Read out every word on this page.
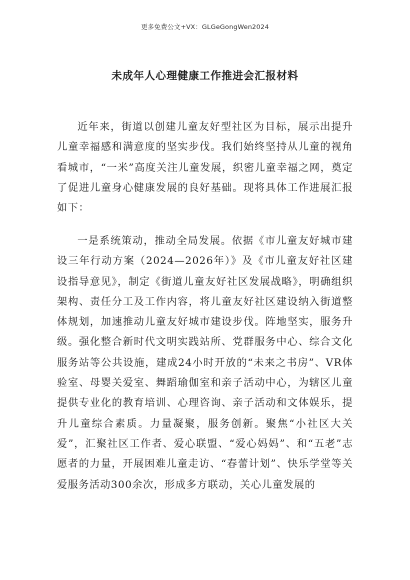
更多免费公文+VX：GLGeGongWen2024
未成年人心理健康工作推进会汇报材料

近年来，街道以创建儿童友好型社区为目标，展示出提升儿童幸福感和满意度的坚实步伐。我们始终坚持从儿童的视角看城市，“一米”高度关注儿童发展，织密儿童幸福之网，奠定了促进儿童身心健康发展的良好基础。现将具体工作进展汇报如下：

一是系统策动，推动全局发展。依据《市儿童友好城市建设三年行动方案（2024—2026年）》及《市儿童友好社区建设指导意见》，制定《街道儿童友好社区发展战略》，明确组织架构、责任分工及工作内容，将儿童友好社区建设纳入街道整体规划，加速推动儿童友好城市建设步伐。阵地坚实，服务升级。强化整合新时代文明实践站所、党群服务中心、综合文化服务站等公共设施，建成24小时开放的“未来之书房”、VR体验室、母婴关爱室、舞蹈瑜伽室和亲子活动中心，为辖区儿童提供专业化的教育培训、心理咨询、亲子活动和文体娱乐，提升儿童综合素质。力量凝聚，服务创新。聚焦“小社区大关爱”，汇聚社区工作者、爱心联盟、“爱心妈妈”、和“五老”志愿者的力量，开展困难儿童走访、“春蕾计划”、快乐学堂等关爱服务活动300余次，形成多方联动，关心儿童发展的
